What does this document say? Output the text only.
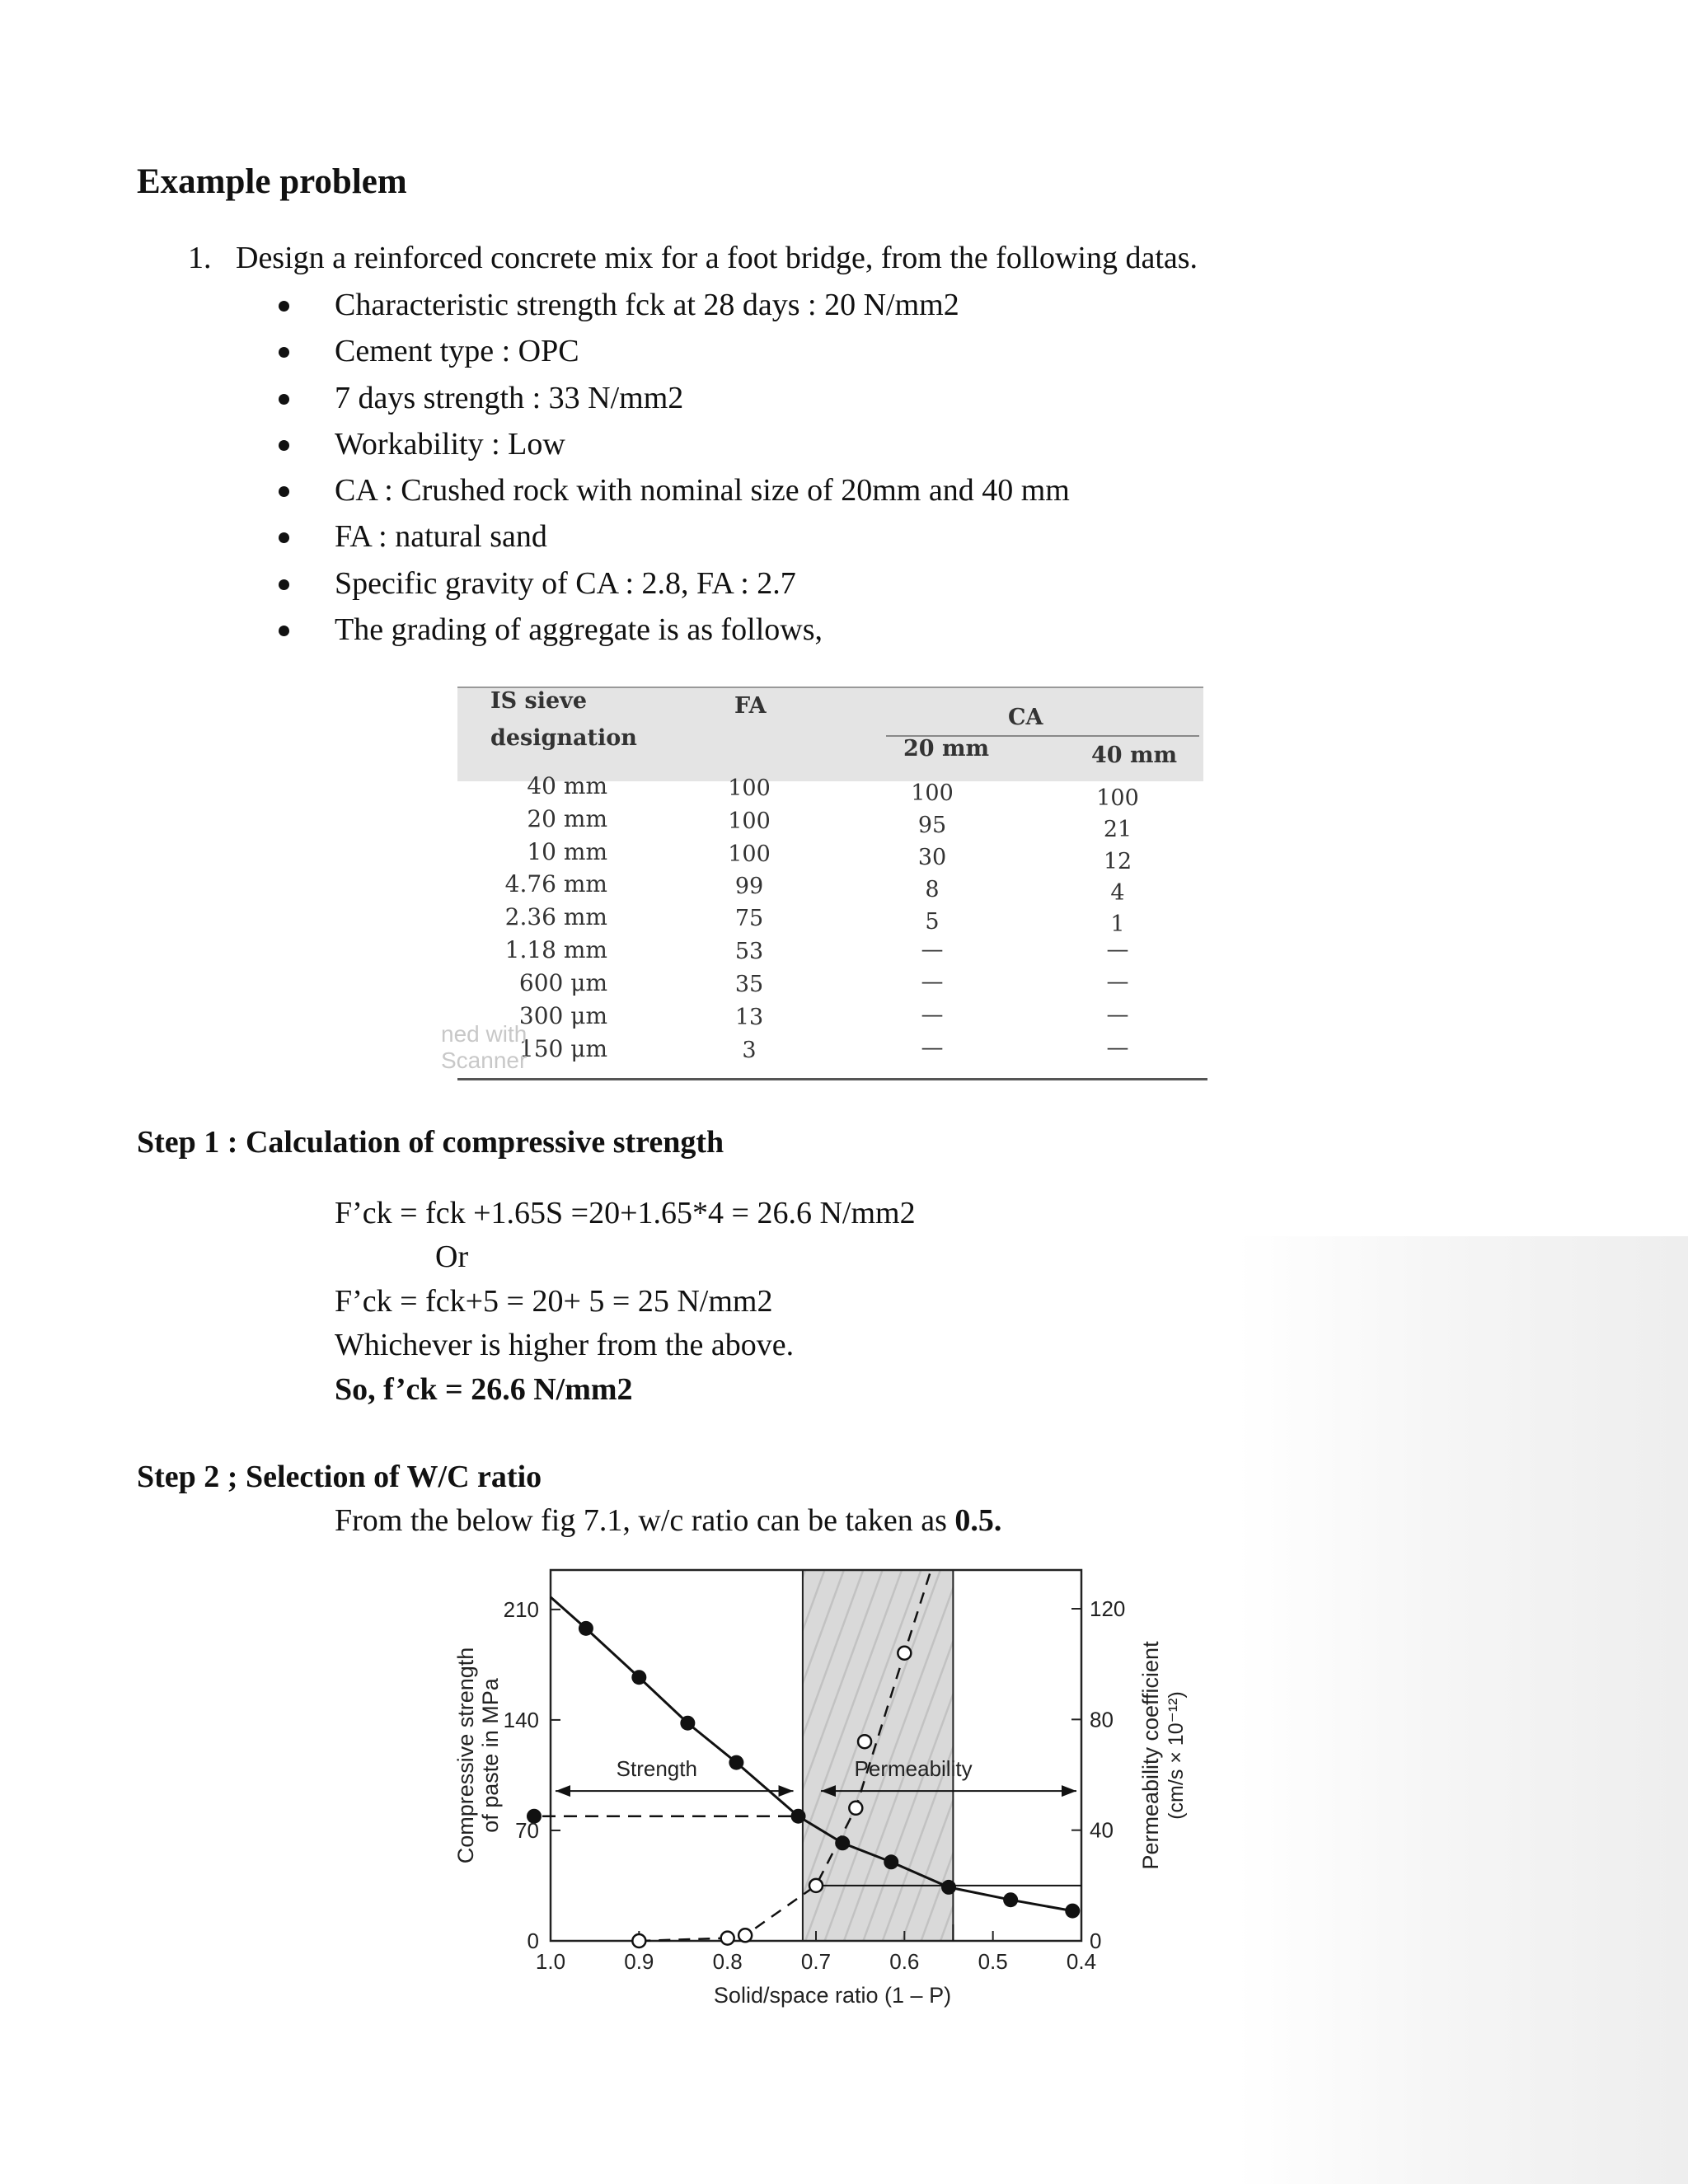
Example problem
1. Design a reinforced concrete mix for a foot bridge, from the following datas.
Characteristic strength fck at 28 days : 20 N/mm2
Cement type : OPC
7 days strength : 33 N/mm2
Workability : Low
CA : Crushed rock with nominal size of 20mm and 40 mm
FA : natural sand
Specific gravity of CA : 2.8, FA : 2.7
The grading of aggregate is as follows,
IS sieve
designation
FA	CA
20 mm	40 mm
40 mm	100	100	100
20 mm	100	95	21
10 mm	100	30	12
4.76 mm	99	8	4
2.36 mm	75	5	1
1.18 mm	53	—	—
600 μm	35	—	—
300 μm	13	—	—
150 μm	3	—	—
ned with
Scanner
Step 1 : Calculation of compressive strength
F’ck = fck +1.65S =20+1.65*4 = 26.6 N/mm2
Or
F’ck = fck+5 = 20+ 5 = 25 N/mm2
Whichever is higher from the above.
So, f’ck = 26.6 N/mm2
Step 2 ; Selection of W/C ratio
From the below fig 7.1, w/c ratio can be taken as 0.5.
1.0	0.9	0.8	0.7	0.6	0.5	0.4
0
70
140
210
0
40
80
120
Solid/space ratio (1 – P)
Compressive strength of paste in MPa	Permeability coefficient (cm/s × 10⁻¹²)
Strength	Permeability
